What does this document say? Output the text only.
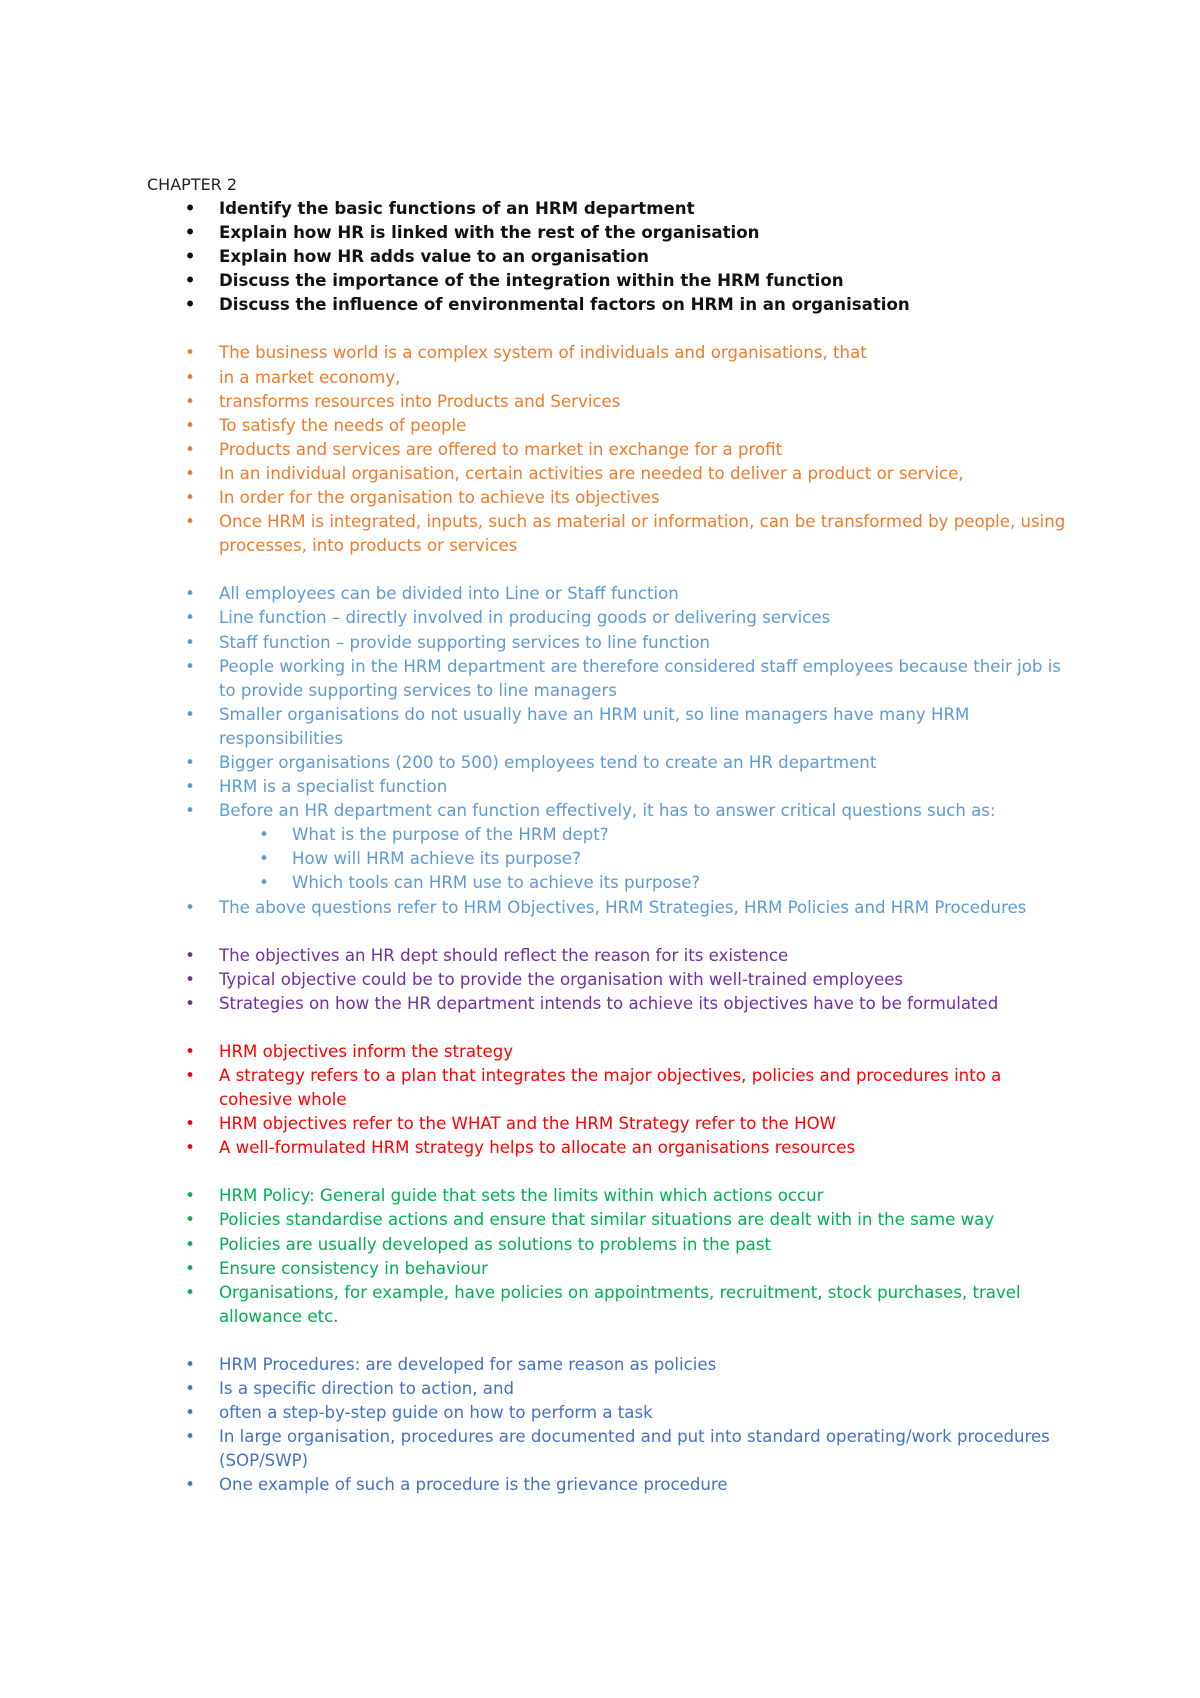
CHAPTER 2
• Identify the basic functions of an HRM department
• Explain how HR is linked with the rest of the organisation
• Explain how HR adds value to an organisation
• Discuss the importance of the integration within the HRM function
• Discuss the influence of environmental factors on HRM in an organisation
• The business world is a complex system of individuals and organisations, that
• in a market economy,
• transforms resources into Products and Services
• To satisfy the needs of people
• Products and services are offered to market in exchange for a profit
• In an individual organisation, certain activities are needed to deliver a product or service,
• In order for the organisation to achieve its objectives
• Once HRM is integrated, inputs, such as material or information, can be transformed by people, using processes, into products or services
• All employees can be divided into Line or Staff function
• Line function – directly involved in producing goods or delivering services
• Staff function – provide supporting services to line function
• People working in the HRM department are therefore considered staff employees because their job is to provide supporting services to line managers
• Smaller organisations do not usually have an HRM unit, so line managers have many HRM responsibilities
• Bigger organisations (200 to 500) employees tend to create an HR department
• HRM is a specialist function
• Before an HR department can function effectively, it has to answer critical questions such as:
• What is the purpose of the HRM dept?
• How will HRM achieve its purpose?
• Which tools can HRM use to achieve its purpose?
• The above questions refer to HRM Objectives, HRM Strategies, HRM Policies and HRM Procedures
• The objectives an HR dept should reflect the reason for its existence
• Typical objective could be to provide the organisation with well-trained employees
• Strategies on how the HR department intends to achieve its objectives have to be formulated
• HRM objectives inform the strategy
• A strategy refers to a plan that integrates the major objectives, policies and procedures into a cohesive whole
• HRM objectives refer to the WHAT and the HRM Strategy refer to the HOW
• A well-formulated HRM strategy helps to allocate an organisations resources
• HRM Policy: General guide that sets the limits within which actions occur
• Policies standardise actions and ensure that similar situations are dealt with in the same way
• Policies are usually developed as solutions to problems in the past
• Ensure consistency in behaviour
• Organisations, for example, have policies on appointments, recruitment, stock purchases, travel allowance etc.
• HRM Procedures: are developed for same reason as policies
• Is a specific direction to action, and
• often a step-by-step guide on how to perform a task
• In large organisation, procedures are documented and put into standard operating/work procedures (SOP/SWP)
• One example of such a procedure is the grievance procedure
